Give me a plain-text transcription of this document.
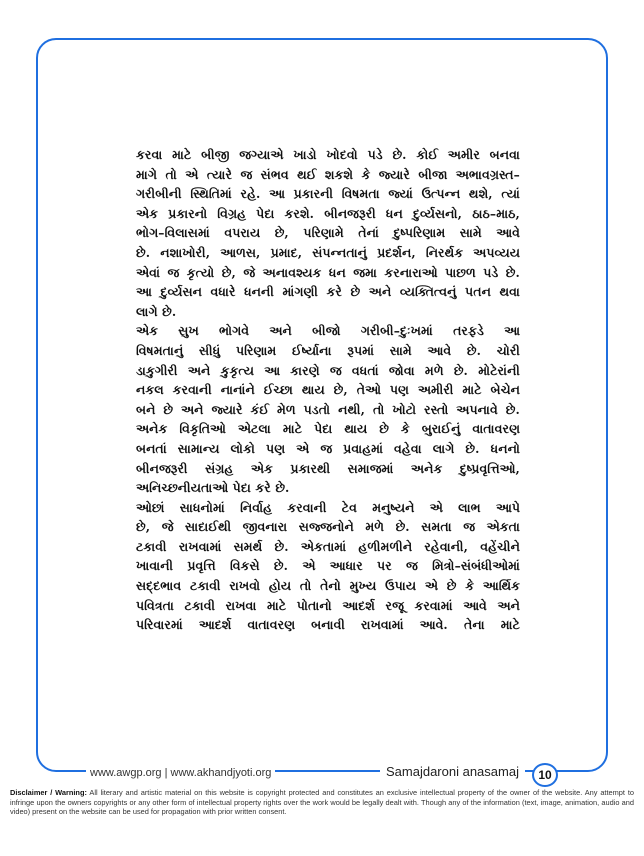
કરવા માટે બીજી જગ્યાએ ખાડો ખોદવો પડે છે. કોઈ અમીર બનવા
માગે તો એ ત્યારે જ સંભવ થઈ શકશે કે જ્યારે બીજા અભાવગ્રસ્ત–
ગરીબીની સ્થિતિમાં રહે. આ પ્રકારની વિષમતા જ્યાં ઉત્પન્ન થશે, ત્યાં
એક પ્રકારનો વિગ્રહ પેદા કરશે. બીનજરૂરી ધન દુર્વ્યસનો, ઠાઠ–માઠ,
ભોગ–વિલાસમાં વપરાય છે, પરિણામે તેનાં દુષ્પરિણામ સામે આવે
છે. નશાખોરી, આળસ, પ્રમાદ, સંપન્નતાનું પ્રદર્શન, નિરર્થક અપવ્યય
એવાં જ કૃત્યો છે, જે અનાવશ્યક ધન જમા કરનારાઓ પાછળ પડે છે.
આ દુર્વ્યસન વધારે ધનની માંગણી કરે છે અને વ્યક્તિત્વનું પતન થવા
લાગે છે.
એક સુખ ભોગવે અને બીજો ગરીબી–દુઃખમાં તરફડે આ
વિષમતાનું સીધું પરિણામ ઈર્ષ્યાના રૂપમાં સામે આવે છે. ચોરી
ડાકુગીરી અને કુકૃત્ય આ કારણે જ વધતાં જોવા મળે છે. મોટેરાંની
નકલ કરવાની નાનાંને ઈચ્છા થાય છે, તેઓ પણ અમીરી માટે બેચેન
બને છે અને જ્યારે કંઈ મેળ પડતો નથી, તો ખોટો રસ્તો અપનાવે છે.
અનેક વિકૃતિઓ એટલા માટે પેદા થાય છે કે બુરાઈનું વાતાવરણ
બનતાં સામાન્ય લોકો પણ એ જ પ્રવાહમાં વહેવા લાગે છે. ધનનો
બીનજરૂરી સંગ્રહ એક પ્રકારથી સમાજમાં અનેક દુષ્પ્રવૃત્તિઓ,
અનિચ્છનીયતાઓ પેદા કરે છે.
ઓછાં સાધનોમાં નિર્વાહ કરવાની ટેવ મનુષ્યને એ લાભ આપે
છે, જે સાદાઈથી જીવનારા સજ્જનોને મળે છે. સમતા જ એકતા
ટકાવી રાખવામાં સમર્થ છે. એકતામાં હળીમળીને રહેવાની, વહેંચીને
ખાવાની પ્રવૃત્તિ વિકસે છે. એ આધાર પર જ મિત્રો–સંબંધીઓમાં
સદ્દભાવ ટકાવી રાખવો હોય તો તેનો મુખ્ય ઉપાય એ છે કે આર્થિક
પવિત્રતા ટકાવી રાખવા માટે પોતાનો આદર્શ રજૂ કરવામાં આવે અને
પરિવારમાં આદર્શ વાતાવરણ બનાવી રાખવામાં આવે. તેના માટે
www.awgp.org | www.akhandjyoti.org	Samajdaroni anasamaj	10
Disclaimer / Warning: All literary and artistic material on this website is copyright protected and constitutes an exclusive intellectual property of the owner of the website. Any attempt to infringe upon the owners copyrights or any other form of intellectual property rights over the work would be legally dealt with. Though any of the information (text, image, animation, audio and video) present on the website can be used for propagation with prior written consent.
